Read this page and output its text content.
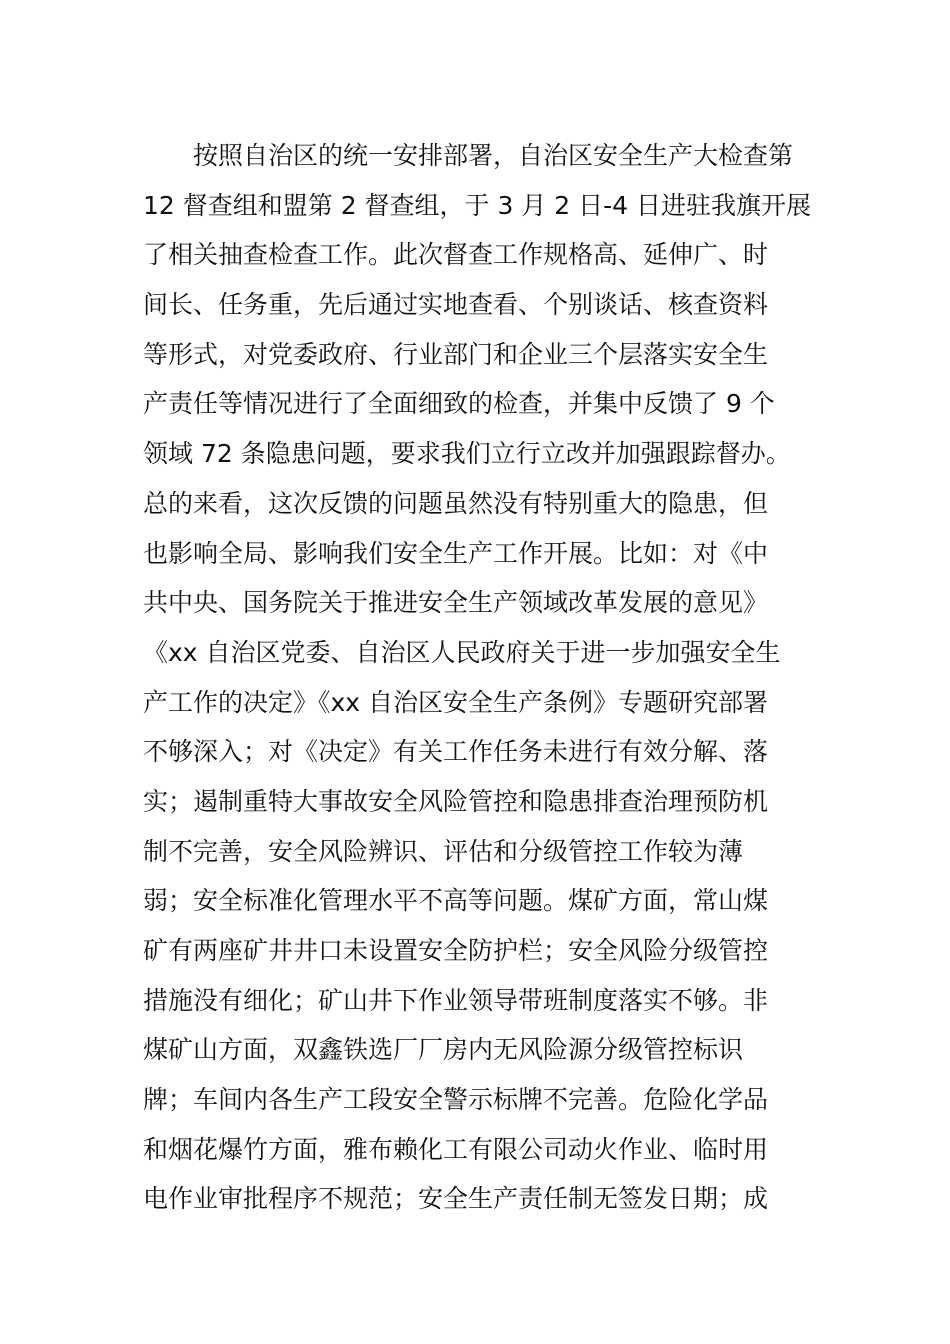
　　按照自治区的统一安排部署，自治区安全生产大检查第
12 督查组和盟第 2 督查组，于 3 月 2 日-4 日进驻我旗开展
了相关抽查检查工作。此次督查工作规格高、延伸广、时
间长、任务重，先后通过实地查看、个别谈话、核查资料
等形式，对党委政府、行业部门和企业三个层落实安全生
产责任等情况进行了全面细致的检查，并集中反馈了 9 个
领域 72 条隐患问题，要求我们立行立改并加强跟踪督办。
总的来看，这次反馈的问题虽然没有特别重大的隐患，但
也影响全局、影响我们安全生产工作开展。比如：对《中
共中央、国务院关于推进安全生产领域改革发展的意见》
《xx 自治区党委、自治区人民政府关于进一步加强安全生
产工作的决定》《xx 自治区安全生产条例》专题研究部署
不够深入；对《决定》有关工作任务未进行有效分解、落
实；遏制重特大事故安全风险管控和隐患排查治理预防机
制不完善，安全风险辨识、评估和分级管控工作较为薄
弱；安全标准化管理水平不高等问题。煤矿方面，常山煤
矿有两座矿井井口未设置安全防护栏；安全风险分级管控
措施没有细化；矿山井下作业领导带班制度落实不够。非
煤矿山方面，双鑫铁选厂厂房内无风险源分级管控标识
牌；车间内各生产工段安全警示标牌不完善。危险化学品
和烟花爆竹方面，雅布赖化工有限公司动火作业、临时用
电作业审批程序不规范；安全生产责任制无签发日期；成
